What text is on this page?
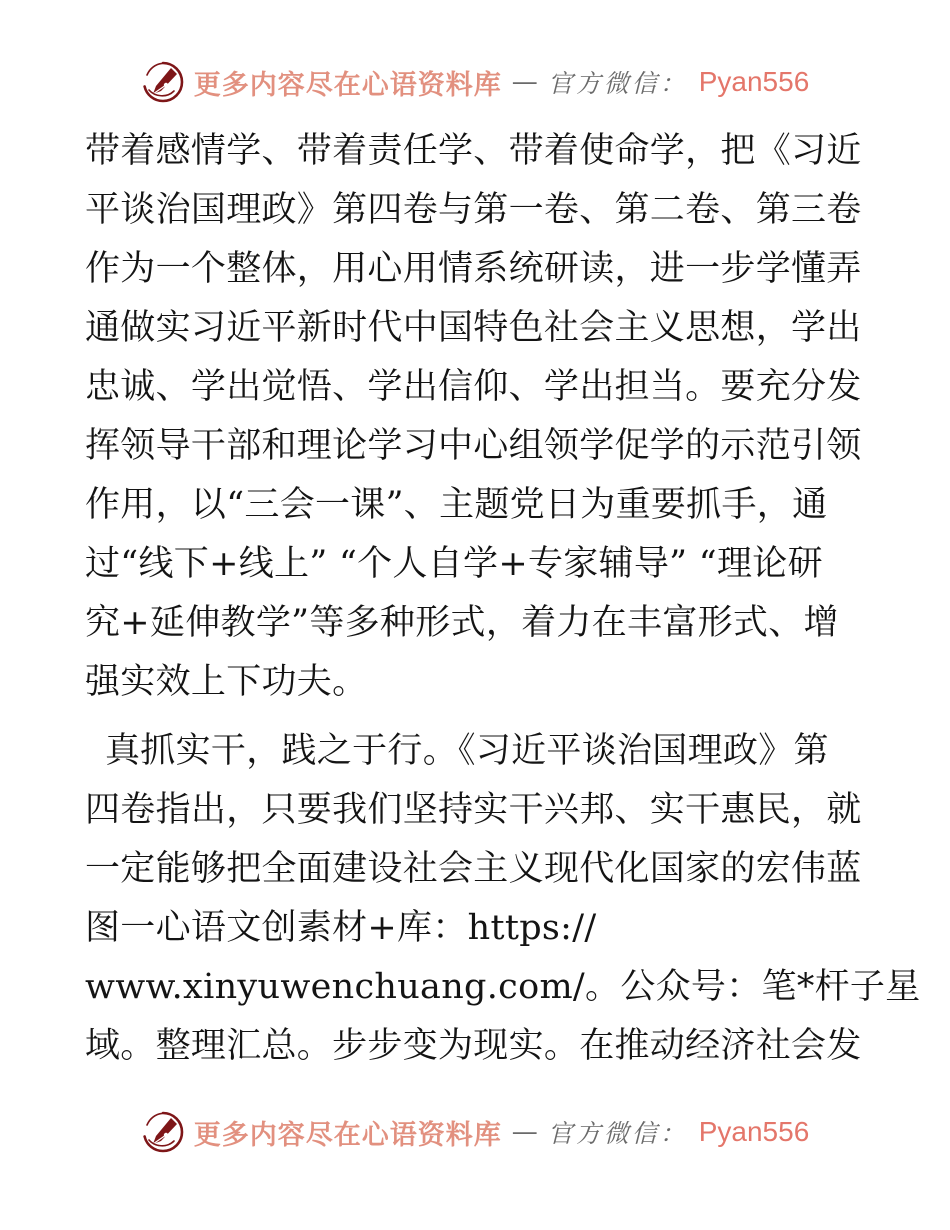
更多内容尽在心语资料库 — 官方微信： Pyan556
带着感情学、带着责任学、带着使命学，把《习近
平谈治国理政》第四卷与第一卷、第二卷、第三卷
作为一个整体，用心用情系统研读，进一步学懂弄
通做实习近平新时代中国特色社会主义思想，学出
忠诚、学出觉悟、学出信仰、学出担当。要充分发
挥领导干部和理论学习中心组领学促学的示范引领
作用，以“三会一课”、主题党日为重要抓手，通
过“线下+线上” “个人自学+专家辅导” “理论研
究+延伸教学”等多种形式，着力在丰富形式、增
强实效上下功夫。
真抓实干，践之于行。《习近平谈治国理政》第
四卷指出，只要我们坚持实干兴邦、实干惠民，就
一定能够把全面建设社会主义现代化国家的宏伟蓝
图一心语文创素材+库：https://
www.xinyuwenchuang.com/。公众号：笔*杆子星
域。整理汇总。步步变为现实。在推动经济社会发
更多内容尽在心语资料库 — 官方微信： Pyan556
